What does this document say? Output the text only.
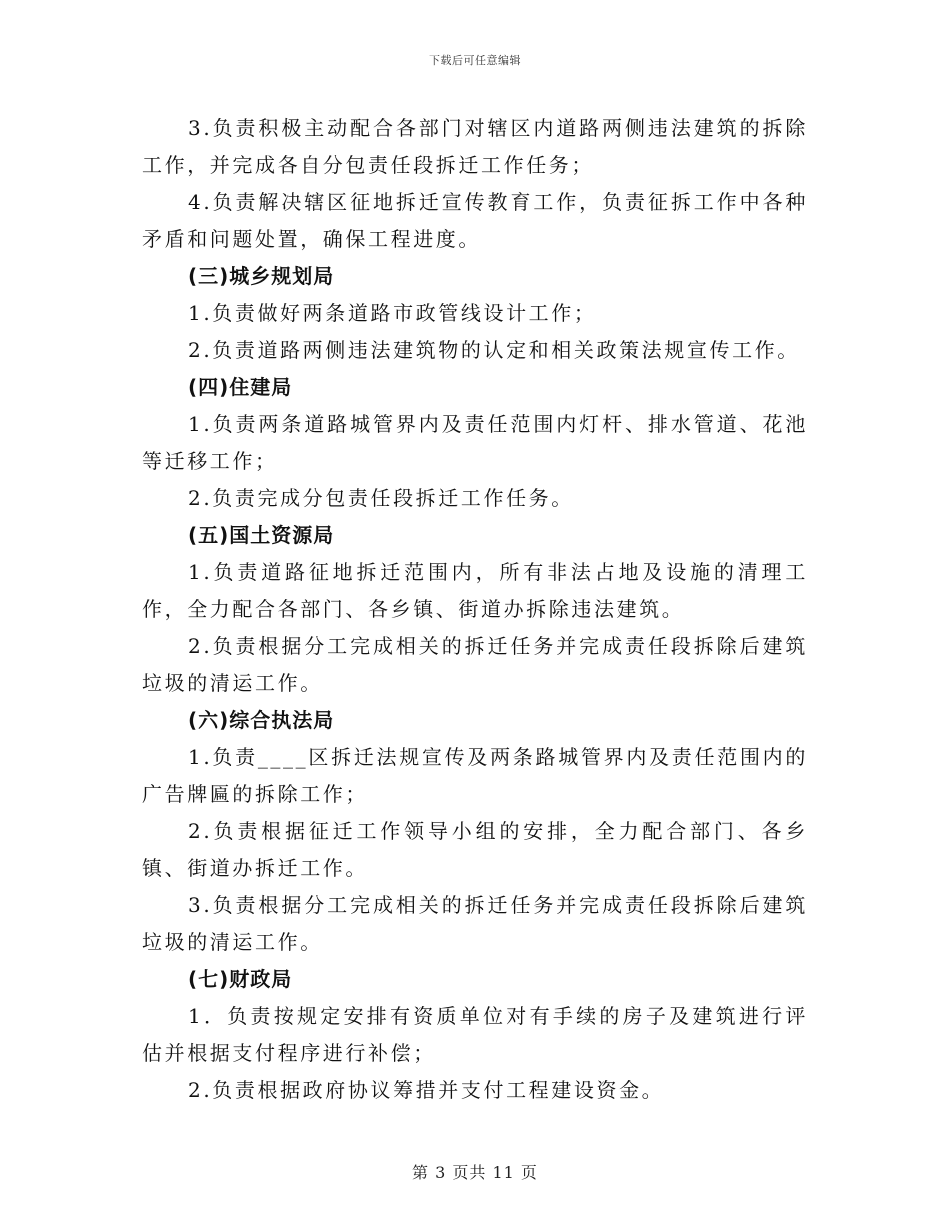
下载后可任意编辑

3.负责积极主动配合各部门对辖区内道路两侧违法建筑的拆除工作，并完成各自分包责任段拆迁工作任务；

4.负责解决辖区征地拆迁宣传教育工作，负责征拆工作中各种矛盾和问题处置，确保工程进度。

(三)城乡规划局

1.负责做好两条道路市政管线设计工作；

2.负责道路两侧违法建筑物的认定和相关政策法规宣传工作。

(四)住建局

1.负责两条道路城管界内及责任范围内灯杆、排水管道、花池等迁移工作；

2.负责完成分包责任段拆迁工作任务。

(五)国土资源局

1.负责道路征地拆迁范围内，所有非法占地及设施的清理工作，全力配合各部门、各乡镇、街道办拆除违法建筑。

2.负责根据分工完成相关的拆迁任务并完成责任段拆除后建筑垃圾的清运工作。

(六)综合执法局

1.负责____区拆迁法规宣传及两条路城管界内及责任范围内的广告牌匾的拆除工作；

2.负责根据征迁工作领导小组的安排，全力配合部门、各乡镇、街道办拆迁工作。

3.负责根据分工完成相关的拆迁任务并完成责任段拆除后建筑垃圾的清运工作。

(七)财政局

1．负责按规定安排有资质单位对有手续的房子及建筑进行评估并根据支付程序进行补偿；

2.负责根据政府协议筹措并支付工程建设资金。

第 3 页共 11 页
